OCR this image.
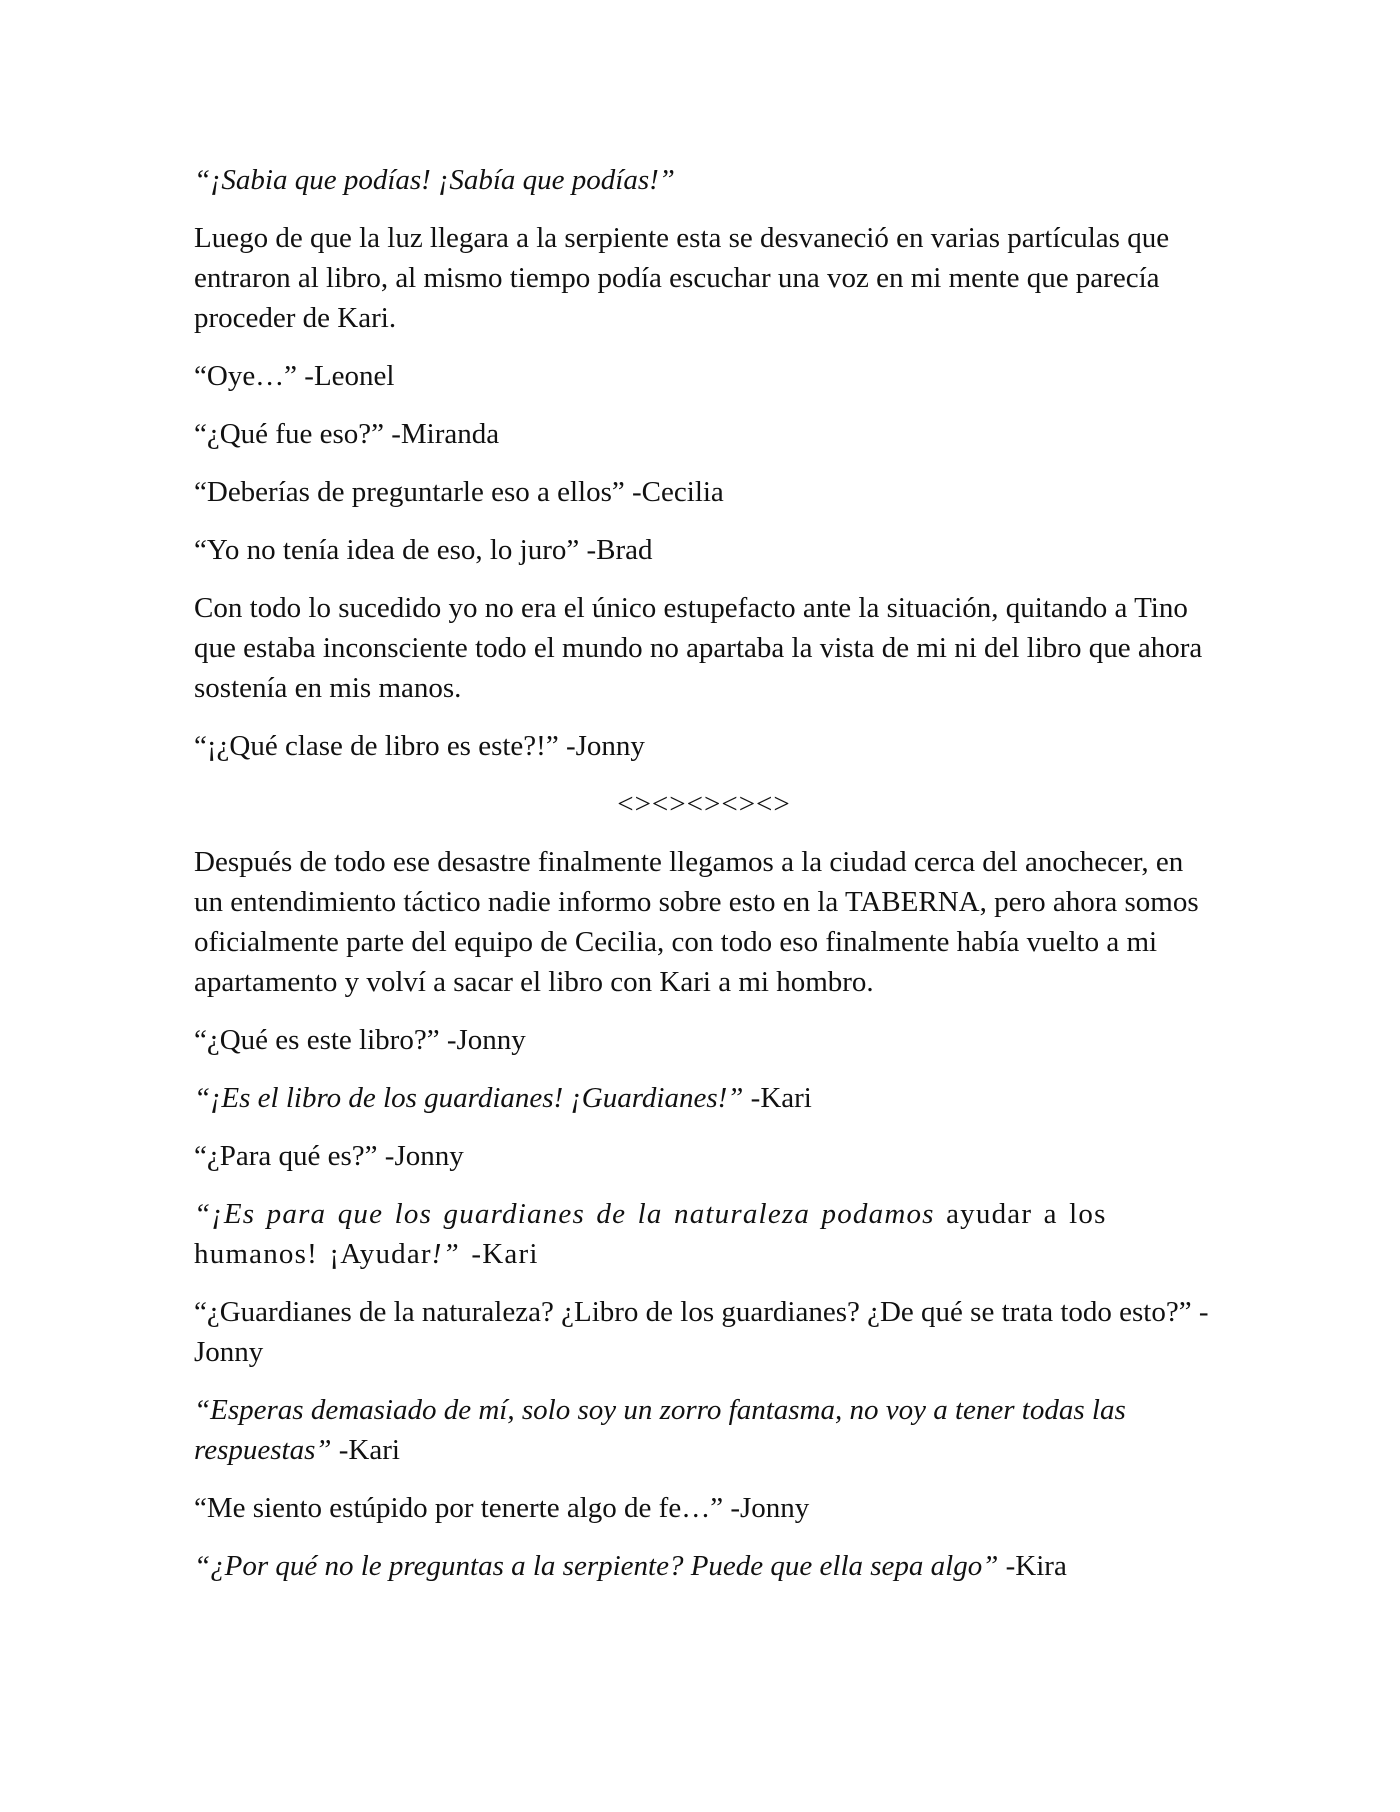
“¡Sabia que podías! ¡Sabía que podías!”

Luego de que la luz llegara a la serpiente esta se desvaneció en varias partículas que entraron al libro, al mismo tiempo podía escuchar una voz en mi mente que parecía proceder de Kari.

“Oye…” -Leonel

“¿Qué fue eso?” -Miranda

“Deberías de preguntarle eso a ellos” -Cecilia

“Yo no tenía idea de eso, lo juro” -Brad

Con todo lo sucedido yo no era el único estupefacto ante la situación, quitando a Tino que estaba inconsciente todo el mundo no apartaba la vista de mi ni del libro que ahora sostenía en mis manos.

“¡¿Qué clase de libro es este?!” -Jonny

<><><><><>

Después de todo ese desastre finalmente llegamos a la ciudad cerca del anochecer, en un entendimiento táctico nadie informo sobre esto en la TABERNA, pero ahora somos oficialmente parte del equipo de Cecilia, con todo eso finalmente había vuelto a mi apartamento y volví a sacar el libro con Kari a mi hombro.

“¿Qué es este libro?” -Jonny

“¡Es el libro de los guardianes! ¡Guardianes!” -Kari

“¿Para qué es?” -Jonny

“¡Es para que los guardianes de la naturaleza podamos ayudar a los humanos! ¡Ayudar!” -Kari

“¿Guardianes de la naturaleza? ¿Libro de los guardianes? ¿De qué se trata todo esto?” -Jonny

“Esperas demasiado de mí, solo soy un zorro fantasma, no voy a tener todas las respuestas” -Kari

“Me siento estúpido por tenerte algo de fe…” -Jonny

“¿Por qué no le preguntas a la serpiente? Puede que ella sepa algo” -Kira
